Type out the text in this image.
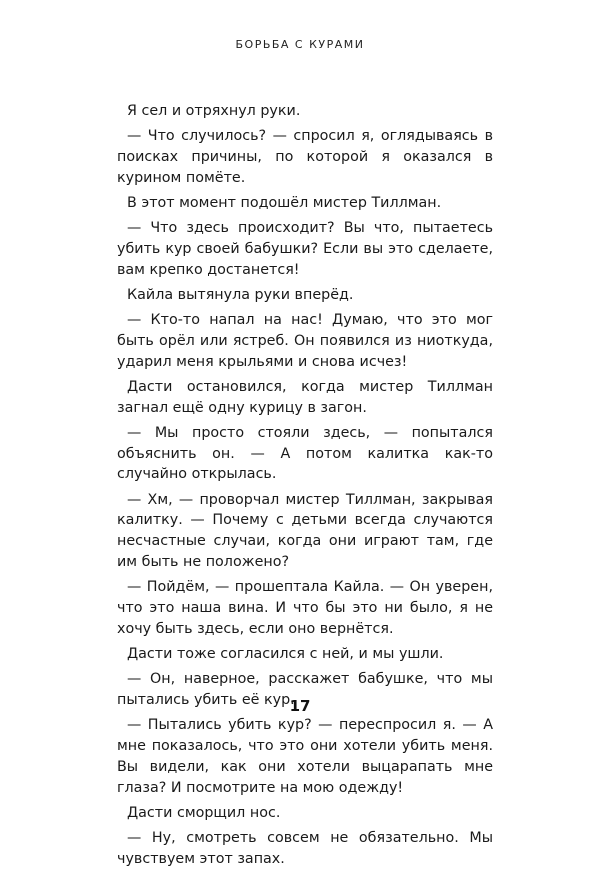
БОРЬБА С КУРАМИ

Я сел и отряхнул руки.

— Что случилось? — спросил я, оглядываясь в поисках причины, по которой я оказался в курином помёте.

В этот момент подошёл мистер Тиллман.

— Что здесь происходит? Вы что, пытаетесь убить кур своей бабушки? Если вы это сделаете, вам крепко достанется!

Кайла вытянула руки вперёд.

— Кто-то напал на нас! Думаю, что это мог быть орёл или ястреб. Он появился из ниоткуда, ударил меня крыльями и снова исчез!

Дасти остановился, когда мистер Тиллман загнал ещё одну курицу в загон.

— Мы просто стояли здесь, — попытался объяснить он. — А потом калитка как-то случайно открылась.

— Хм, — проворчал мистер Тиллман, закрывая калитку. — Почему с детьми всегда случаются несчастные случаи, когда они играют там, где им быть не положено?

— Пойдём, — прошептала Кайла. — Он уверен, что это наша вина. И что бы это ни было, я не хочу быть здесь, если оно вернётся.

Дасти тоже согласился с ней, и мы ушли.

— Он, наверное, расскажет бабушке, что мы пытались убить её кур.

— Пытались убить кур? — переспросил я. — А мне показалось, что это они хотели убить меня. Вы видели, как они хотели выцарапать мне глаза? И посмотрите на мою одежду!

Дасти сморщил нос.

— Ну, смотреть совсем не обязательно. Мы чувствуем этот запах.

17
